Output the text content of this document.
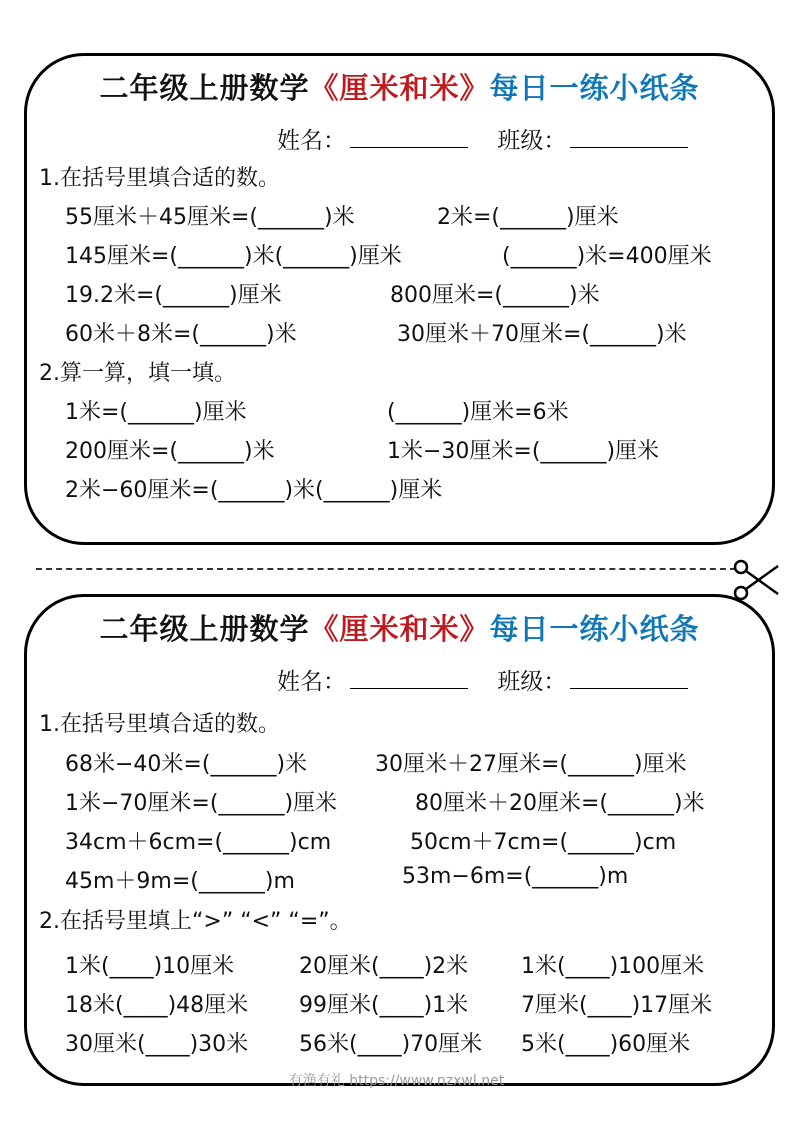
二年级上册数学《厘米和米》每日一练小纸条
姓名：	班级：
1.在括号里填合适的数。
55厘米＋45厘米=(______)米	2米=(______)厘米
145厘米=(______)米(______)厘米	(______)米=400厘米
19.2米=(______)厘米	800厘米=(______)米
60米＋8米=(______)米	30厘米＋70厘米=(______)米
2.算一算，填一填。
1米=(______)厘米	(______)厘米=6米
200厘米=(______)米	1米−30厘米=(______)厘米
2米−60厘米=(______)米(______)厘米
二年级上册数学《厘米和米》每日一练小纸条
姓名：	班级：
1.在括号里填合适的数。
68米−40米=(______)米	30厘米＋27厘米=(______)厘米
1米−70厘米=(______)厘米	80厘米＋20厘米=(______)米
34cm＋6cm=(______)cm	50cm＋7cm=(______)cm
45m＋9m=(______)m	53m−6m=(______)m
2.在括号里填上“>” “<” “=”。
1米(____)10厘米	20厘米(____)2米 1米(____)100厘米
18米(____)48厘米 99厘米(____)1米 7厘米(____)17厘米
30厘米(____)30米 56米(____)70厘米 5米(____)60厘米
有渔有礼 https://www.nzxwl.net
